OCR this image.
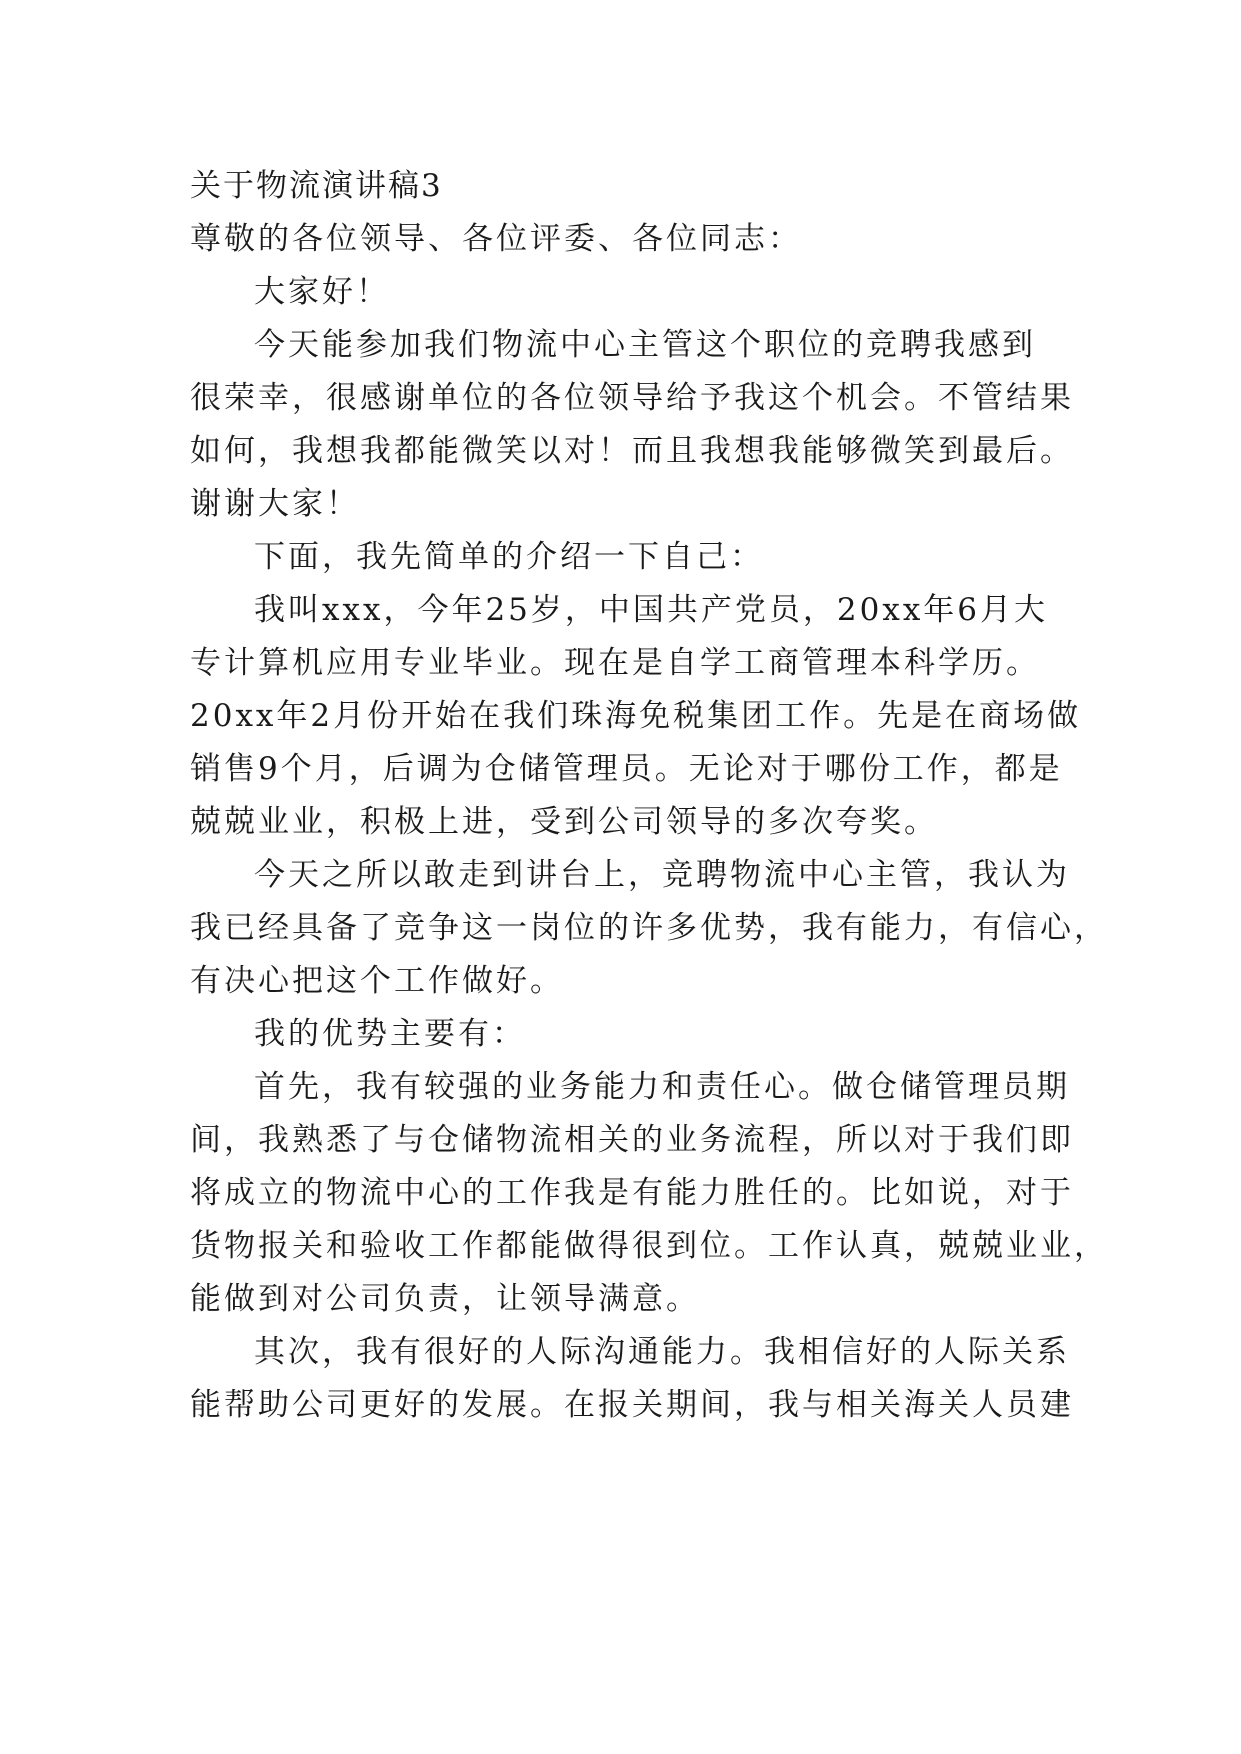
关于物流演讲稿3
尊敬的各位领导、各位评委、各位同志：
大家好！
今天能参加我们物流中心主管这个职位的竞聘我感到
很荣幸，很感谢单位的各位领导给予我这个机会。不管结果
如何，我想我都能微笑以对！而且我想我能够微笑到最后。
谢谢大家！
下面，我先简单的介绍一下自己：
我叫xxx，今年25岁，中国共产党员，20xx年6月大
专计算机应用专业毕业。现在是自学工商管理本科学历。
20xx年2月份开始在我们珠海免税集团工作。先是在商场做
销售9个月，后调为仓储管理员。无论对于哪份工作，都是
兢兢业业，积极上进，受到公司领导的多次夸奖。
今天之所以敢走到讲台上，竞聘物流中心主管，我认为
我已经具备了竞争这一岗位的许多优势，我有能力，有信心，
有决心把这个工作做好。
我的优势主要有：
首先，我有较强的业务能力和责任心。做仓储管理员期
间，我熟悉了与仓储物流相关的业务流程，所以对于我们即
将成立的物流中心的工作我是有能力胜任的。比如说，对于
货物报关和验收工作都能做得很到位。工作认真，兢兢业业，
能做到对公司负责，让领导满意。
其次，我有很好的人际沟通能力。我相信好的人际关系
能帮助公司更好的发展。在报关期间，我与相关海关人员建
